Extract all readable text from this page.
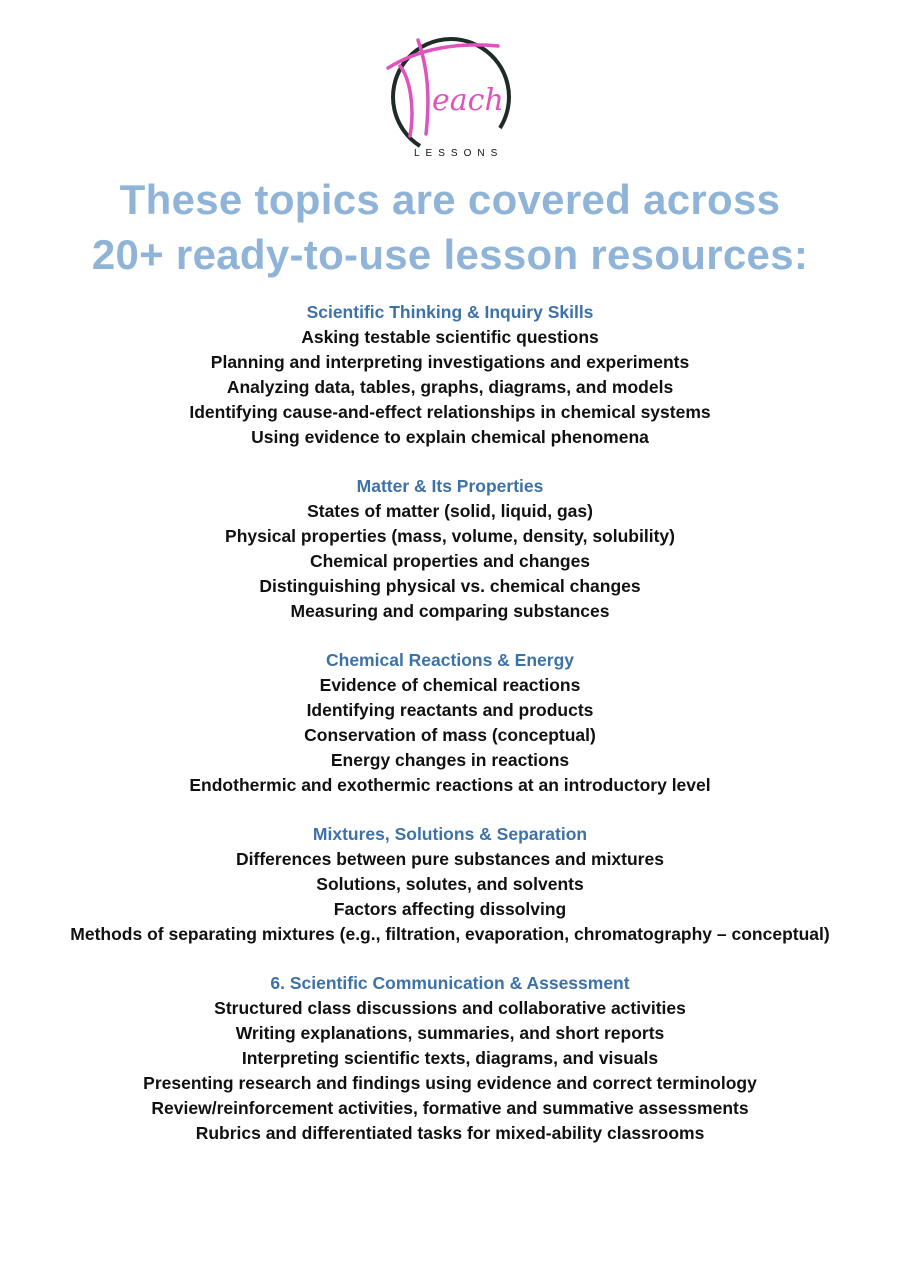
each
LESSONS
These topics are covered across
20+ ready-to-use lesson resources:
Scientific Thinking & Inquiry Skills
Asking testable scientific questions
Planning and interpreting investigations and experiments
Analyzing data, tables, graphs, diagrams, and models
Identifying cause-and-effect relationships in chemical systems
Using evidence to explain chemical phenomena
Matter & Its Properties
States of matter (solid, liquid, gas)
Physical properties (mass, volume, density, solubility)
Chemical properties and changes
Distinguishing physical vs. chemical changes
Measuring and comparing substances
Chemical Reactions & Energy
Evidence of chemical reactions
Identifying reactants and products
Conservation of mass (conceptual)
Energy changes in reactions
Endothermic and exothermic reactions at an introductory level
Mixtures, Solutions & Separation
Differences between pure substances and mixtures
Solutions, solutes, and solvents
Factors affecting dissolving
Methods of separating mixtures (e.g., filtration, evaporation, chromatography – conceptual)
6. Scientific Communication & Assessment
Structured class discussions and collaborative activities
Writing explanations, summaries, and short reports
Interpreting scientific texts, diagrams, and visuals
Presenting research and findings using evidence and correct terminology
Review/reinforcement activities, formative and summative assessments
Rubrics and differentiated tasks for mixed-ability classrooms
